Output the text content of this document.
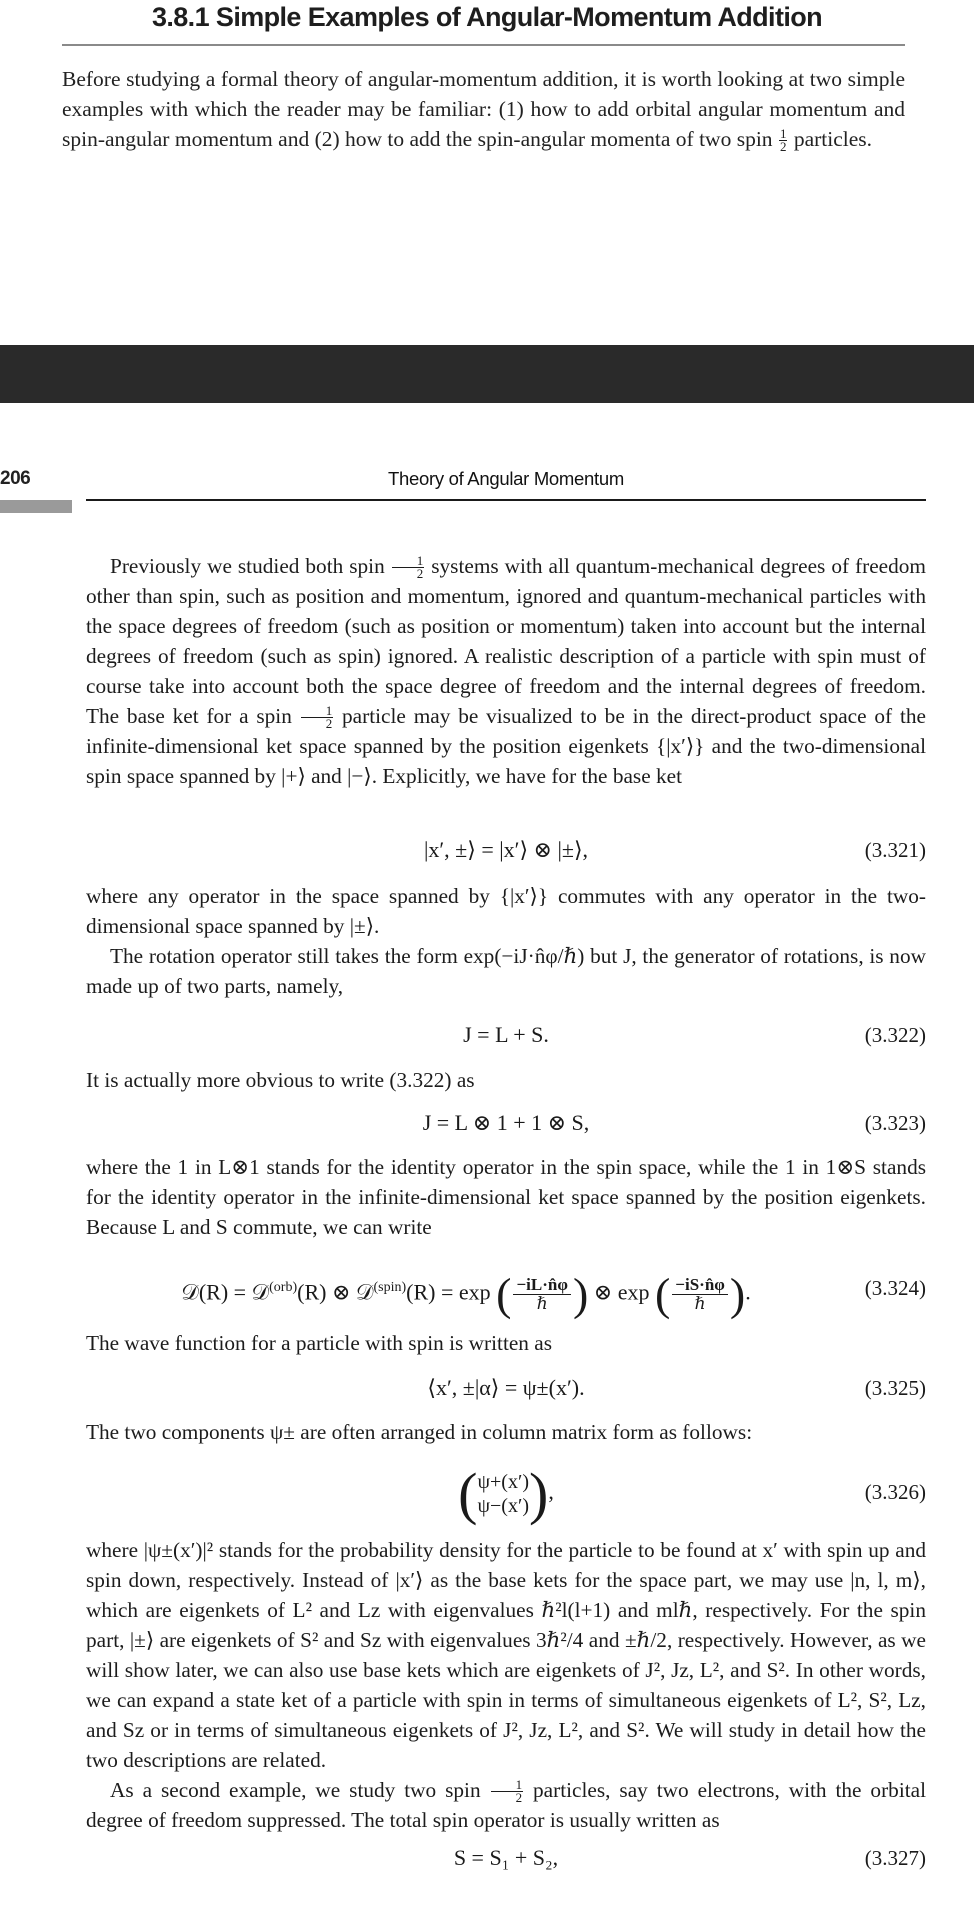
3.8.1 Simple Examples of Angular-Momentum Addition
Before studying a formal theory of angular-momentum addition, it is worth looking at two simple examples with which the reader may be familiar: (1) how to add orbital angular momentum and spin-angular momentum and (2) how to add the spin-angular momenta of two spin $\frac{1}{2}$ particles.
206	Theory of Angular Momentum
Previously we studied both spin $\frac{1}{2}$ systems with all quantum-mechanical degrees of freedom other than spin, such as position and momentum, ignored and quantum-mechanical particles with the space degrees of freedom (such as position or momentum) taken into account but the internal degrees of freedom (such as spin) ignored. A realistic description of a particle with spin must of course take into account both the space degree of freedom and the internal degrees of freedom. The base ket for a spin $\frac{1}{2}$ particle may be visualized to be in the direct-product space of the infinite-dimensional ket space spanned by the position eigenkets {|x′⟩} and the two-dimensional spin space spanned by |+⟩ and |−⟩. Explicitly, we have for the base ket
|x′, ±⟩ = |x′⟩ ⊗ |±⟩,	(3.321)
where any operator in the space spanned by {|x′⟩} commutes with any operator in the two-dimensional space spanned by |±⟩.
The rotation operator still takes the form exp(−iJ·n̂φ/ℏ) but J, the generator of rotations, is now made up of two parts, namely,
J = L + S.	(3.322)
It is actually more obvious to write (3.322) as
J = L ⊗ 1 + 1 ⊗ S,	(3.323)
where the 1 in L⊗1 stands for the identity operator in the spin space, while the 1 in 1⊗S stands for the identity operator in the infinite-dimensional ket space spanned by the position eigenkets. Because L and S commute, we can write
𝒟(R) = 𝒟$^{(orb)}$(R) ⊗ 𝒟$^{(spin)}$(R) = exp ( $\frac{-iL\cdot n̂\varphi}{\text{ℏ}}$ ) ⊗ exp ( $\frac{-iS\cdot n̂\varphi}{\text{ℏ}}$ ).	(3.324)
The wave function for a particle with spin is written as
⟨x′, ±|α⟩ = ψ±(x′).	(3.325)
The two components ψ± are often arranged in column matrix form as follows:
( ψ+(x′)
ψ−(x′) ),	(3.326)
where |ψ±(x′)|² stands for the probability density for the particle to be found at x′ with spin up and spin down, respectively. Instead of |x′⟩ as the base kets for the space part, we may use |n, l, m⟩, which are eigenkets of L² and Lz with eigenvalues ℏ²l(l+1) and mlℏ, respectively. For the spin part, |±⟩ are eigenkets of S² and Sz with eigenvalues 3ℏ²/4 and ±ℏ/2, respectively. However, as we will show later, we can also use base kets which are eigenkets of J², Jz, L², and S². In other words, we can expand a state ket of a particle with spin in terms of simultaneous eigenkets of L², S², Lz, and Sz or in terms of simultaneous eigenkets of J², Jz, L², and S². We will study in detail how the two descriptions are related.
As a second example, we study two spin $\frac{1}{2}$ particles, say two electrons, with the orbital degree of freedom suppressed. The total spin operator is usually written as
S = S₁ + S₂,	(3.327)
